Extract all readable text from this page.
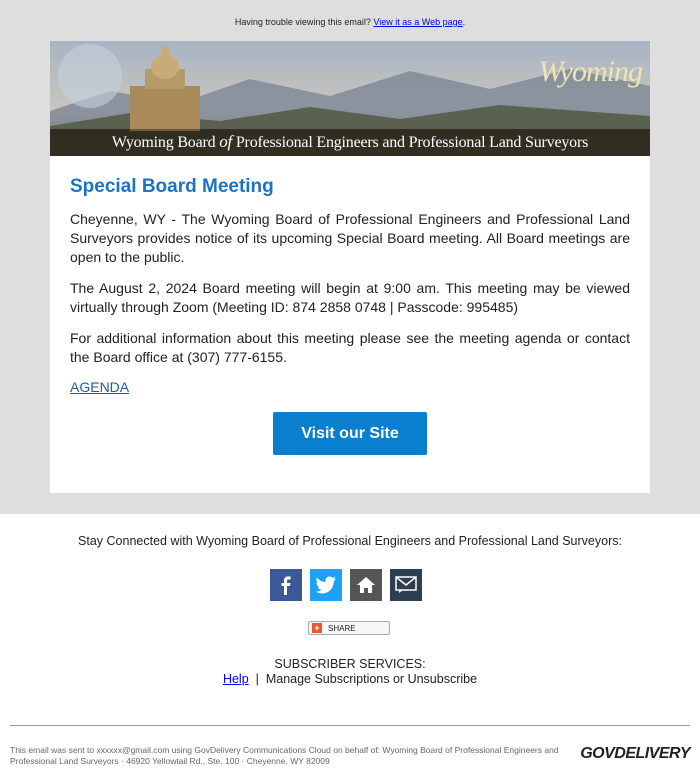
Having trouble viewing this email? View it as a Web page.
Wyoming
Wyoming Board of Professional Engineers and Professional Land Surveyors
Special Board Meeting

Cheyenne, WY - The Wyoming Board of Professional Engineers and Professional Land Surveyors provides notice of its upcoming Special Board meeting. All Board meetings are open to the public.

The August 2, 2024 Board meeting will begin at 9:00 am. This meeting may be viewed virtually through Zoom (Meeting ID: 874 2858 0748 | Passcode: 995485)

For additional information about this meeting please see the meeting agenda or contact the Board office at (307) 777-6155.

AGENDA
Visit our Site
Stay Connected with Wyoming Board of Professional Engineers and Professional Land Surveyors:
+ SHARE
SUBSCRIBER SERVICES:
Help | Manage Subscriptions or Unsubscribe
This email was sent to xxxxxx@gmail.com using GovDelivery Communications Cloud on behalf of: Wyoming Board of Professional Engineers and Professional Land Surveyors · 46920 Yellowtail Rd., Ste. 100 · Cheyenne, WY 82009	GOVDELIVERY
